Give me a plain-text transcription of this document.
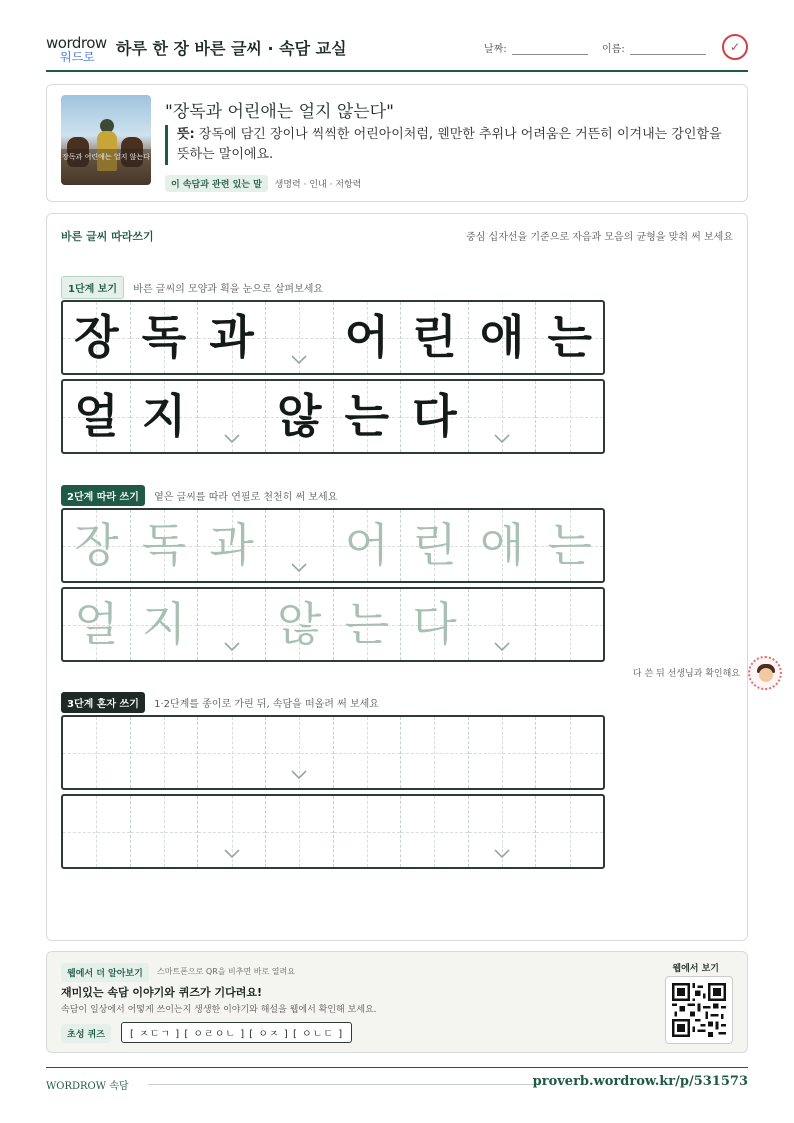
wordrow
워드로 하루 한 장 바른 글씨 · 속담 교실	날짜:	이름:	✓
장독과 어린애는 얼지 않는다
"장독과 어린애는 얼지 않는다"
뜻: 장독에 담긴 장이나 씩씩한 어린아이처럼, 웬만한 추위나 어려움은 거뜬히 이겨내는 강인함을 뜻하는 말이에요.
이 속담과 관련 있는 말 생명력 · 인내 · 저항력
바른 글씨 따라쓰기	중심 십자선을 기준으로 자음과 모음의 균형을 맞춰 써 보세요
1단계 보기 바른 글씨의 모양과 획을 눈으로 살펴보세요
장 독 과 어 린 애 는
얼 지 않 는 다
2단계 따라 쓰기 옅은 글씨를 따라 연필로 천천히 써 보세요
장 독 과 어 린 애 는
얼 지 않 는 다
3단계 혼자 쓰기 1·2단계를 종이로 가린 뒤, 속담을 떠올려 써 보세요
다 쓴 뒤 선생님과 확인해요
웹에서 더 알아보기	스마트폰으로 QR을 비추면 바로 열려요
재미있는 속담 이야기와 퀴즈가 기다려요!
속담이 일상에서 어떻게 쓰이는지 생생한 이야기와 해설을 웹에서 확인해 보세요.
초성 퀴즈	[ ㅈㄷㄱ ] [ ㅇㄹㅇㄴ ] [ ㅇㅈ ] [ ㅇㄴㄷ ]
웹에서 보기
WORDROW 속담	proverb.wordrow.kr/p/531573
